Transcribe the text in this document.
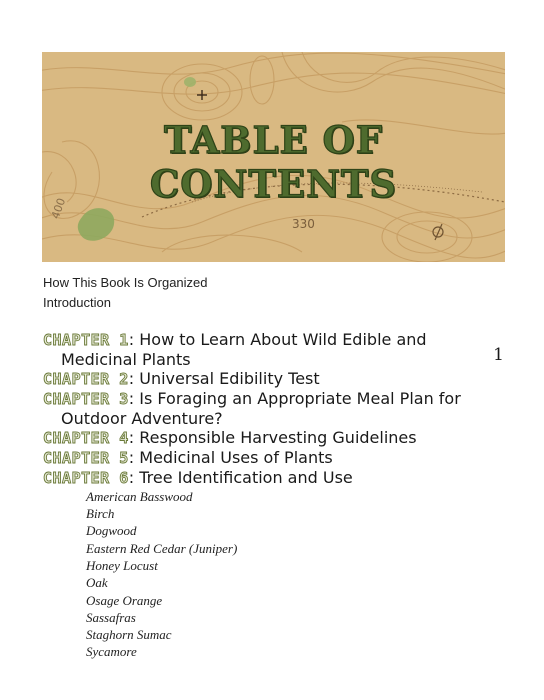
TABLE OF CONTENTS
400
330
How This Book Is Organized
Introduction
CHAPTER 1: How to Learn About Wild Edible and
Medicinal Plants	1
CHAPTER 2: Universal Edibility Test
CHAPTER 3: Is Foraging an Appropriate Meal Plan for
Outdoor Adventure?
CHAPTER 4: Responsible Harvesting Guidelines
CHAPTER 5: Medicinal Uses of Plants
CHAPTER 6: Tree Identification and Use
American Basswood
Birch
Dogwood
Eastern Red Cedar (Juniper)
Honey Locust
Oak
Osage Orange
Sassafras
Staghorn Sumac
Sycamore
